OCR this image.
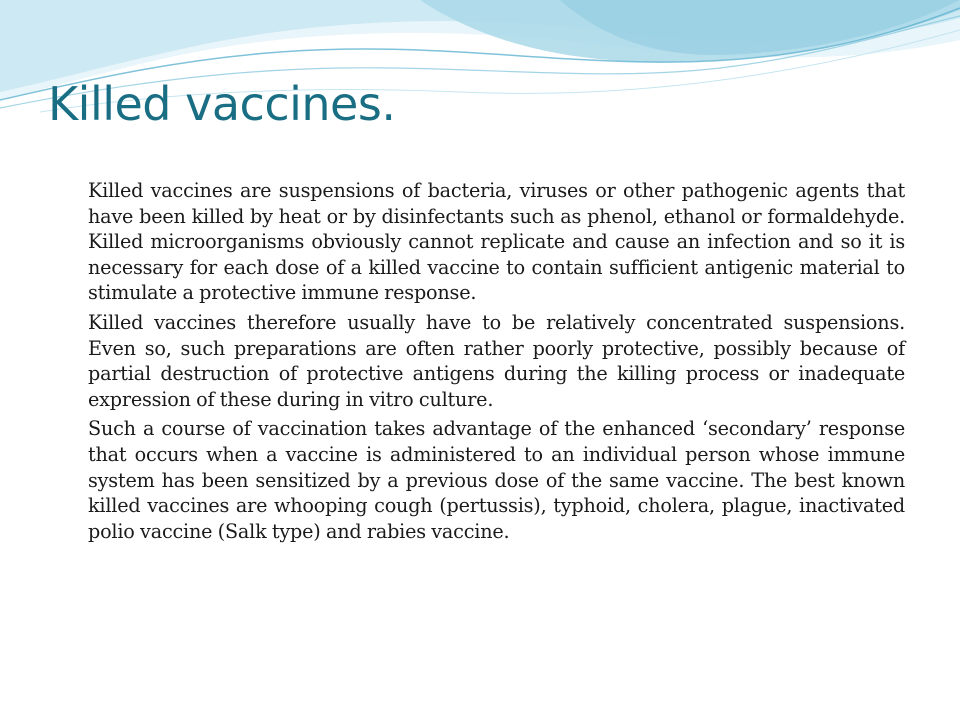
Killed vaccines.

Killed vaccines are suspensions of bacteria, viruses or other pathogenic agents that have been killed by heat or by disinfectants such as phenol, ethanol or formaldehyde. Killed microorganisms obviously cannot replicate and cause an infection and so it is necessary for each dose of a killed vaccine to contain sufficient antigenic material to stimulate a protective immune response.

Killed vaccines therefore usually have to be relatively concentrated suspensions. Even so, such preparations are often rather poorly protective, possibly because of partial destruction of protective antigens during the killing process or inadequate expression of these during in vitro culture.

Such a course of vaccination takes advantage of the enhanced ‘secondary’ response that occurs when a vaccine is administered to an individual person whose immune system has been sensitized by a previous dose of the same vaccine. The best known killed vaccines are whooping cough (pertussis), typhoid, cholera, plague, inactivated polio vaccine (Salk type) and rabies vaccine.
